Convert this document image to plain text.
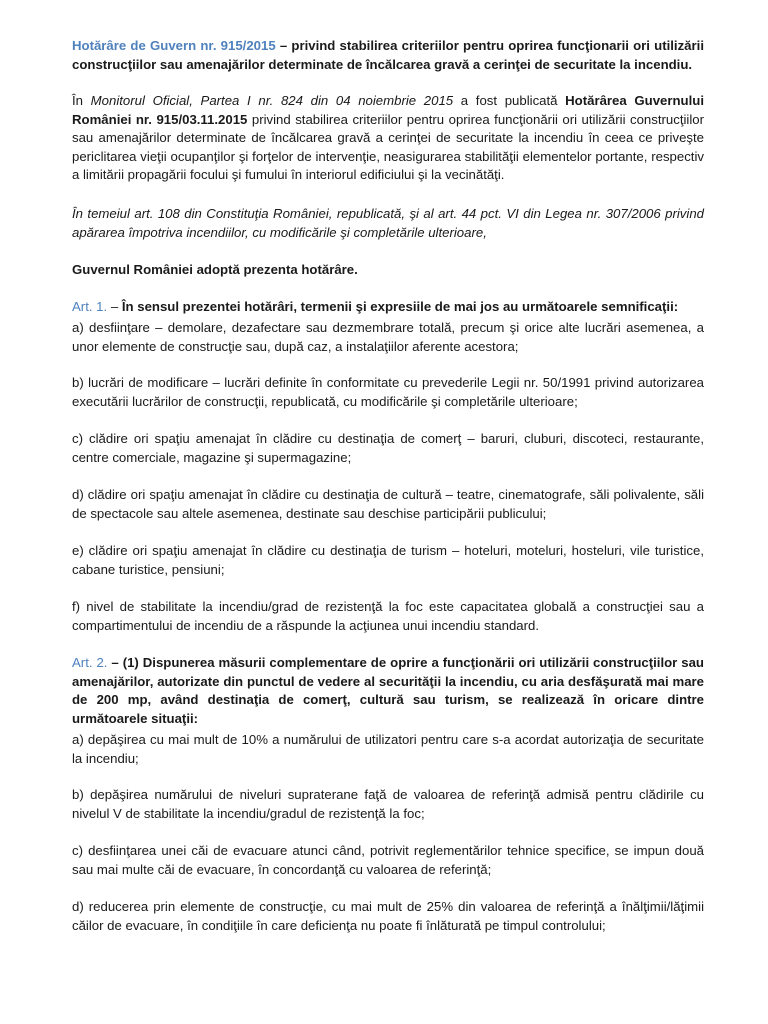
Hotărâre de Guvern nr. 915/2015 – privind stabilirea criteriilor pentru oprirea funcţionarii ori utilizării construcţiilor sau amenajărilor determinate de încălcarea gravă a cerinţei de securitate la incendiu.

În Monitorul Oficial, Partea I nr. 824 din 04 noiembrie 2015 a fost publicată Hotărârea Guvernului României nr. 915/03.11.2015 privind stabilirea criteriilor pentru oprirea funcţionării ori utilizării construcţiilor sau amenajărilor determinate de încălcarea gravă a cerinţei de securitate la incendiu în ceea ce priveşte periclitarea vieţii ocupanţilor şi forţelor de intervenţie, neasigurarea stabilităţii elementelor portante, respectiv a limitării propagării focului şi fumului în interiorul edificiului şi la vecinătăţi.

În temeiul art. 108 din Constituţia României, republicată, şi al art. 44 pct. VI din Legea nr. 307/2006 privind apărarea împotriva incendiilor, cu modificările şi completările ulterioare,

Guvernul României adoptă prezenta hotărâre.

Art. 1. – În sensul prezentei hotărâri, termenii şi expresiile de mai jos au următoarele semnificaţii:

a) desfiinţare – demolare, dezafectare sau dezmembrare totală, precum şi orice alte lucrări asemenea, a unor elemente de construcţie sau, după caz, a instalaţiilor aferente acestora;

b) lucrări de modificare – lucrări definite în conformitate cu prevederile Legii nr. 50/1991 privind autorizarea executării lucrărilor de construcţii, republicată, cu modificările şi completările ulterioare;

c) clădire ori spaţiu amenajat în clădire cu destinaţia de comerţ – baruri, cluburi, discoteci, restaurante, centre comerciale, magazine şi supermagazine;

d) clădire ori spaţiu amenajat în clădire cu destinaţia de cultură – teatre, cinematografe, săli polivalente, săli de spectacole sau altele asemenea, destinate sau deschise participării publicului;

e) clădire ori spaţiu amenajat în clădire cu destinaţia de turism – hoteluri, moteluri, hosteluri, vile turistice, cabane turistice, pensiuni;

f) nivel de stabilitate la incendiu/grad de rezistenţă la foc este capacitatea globală a construcţiei sau a compartimentului de incendiu de a răspunde la acţiunea unui incendiu standard.

Art. 2. – (1) Dispunerea măsurii complementare de oprire a funcţionării ori utilizării construcţiilor sau amenajărilor, autorizate din punctul de vedere al securităţii la incendiu, cu aria desfăşurată mai mare de 200 mp, având destinaţia de comerţ, cultură sau turism, se realizează în oricare dintre următoarele situaţii:

a) depăşirea cu mai mult de 10% a numărului de utilizatori pentru care s-a acordat autorizaţia de securitate la incendiu;

b) depăşirea numărului de niveluri supraterane faţă de valoarea de referinţă admisă pentru clădirile cu nivelul V de stabilitate la incendiu/gradul de rezistenţă la foc;

c) desfiinţarea unei căi de evacuare atunci când, potrivit reglementărilor tehnice specifice, se impun două sau mai multe căi de evacuare, în concordanţă cu valoarea de referinţă;

d) reducerea prin elemente de construcţie, cu mai mult de 25% din valoarea de referinţă a înălţimii/lăţimii căilor de evacuare, în condiţiile în care deficienţa nu poate fi înlăturată pe timpul controlului;
